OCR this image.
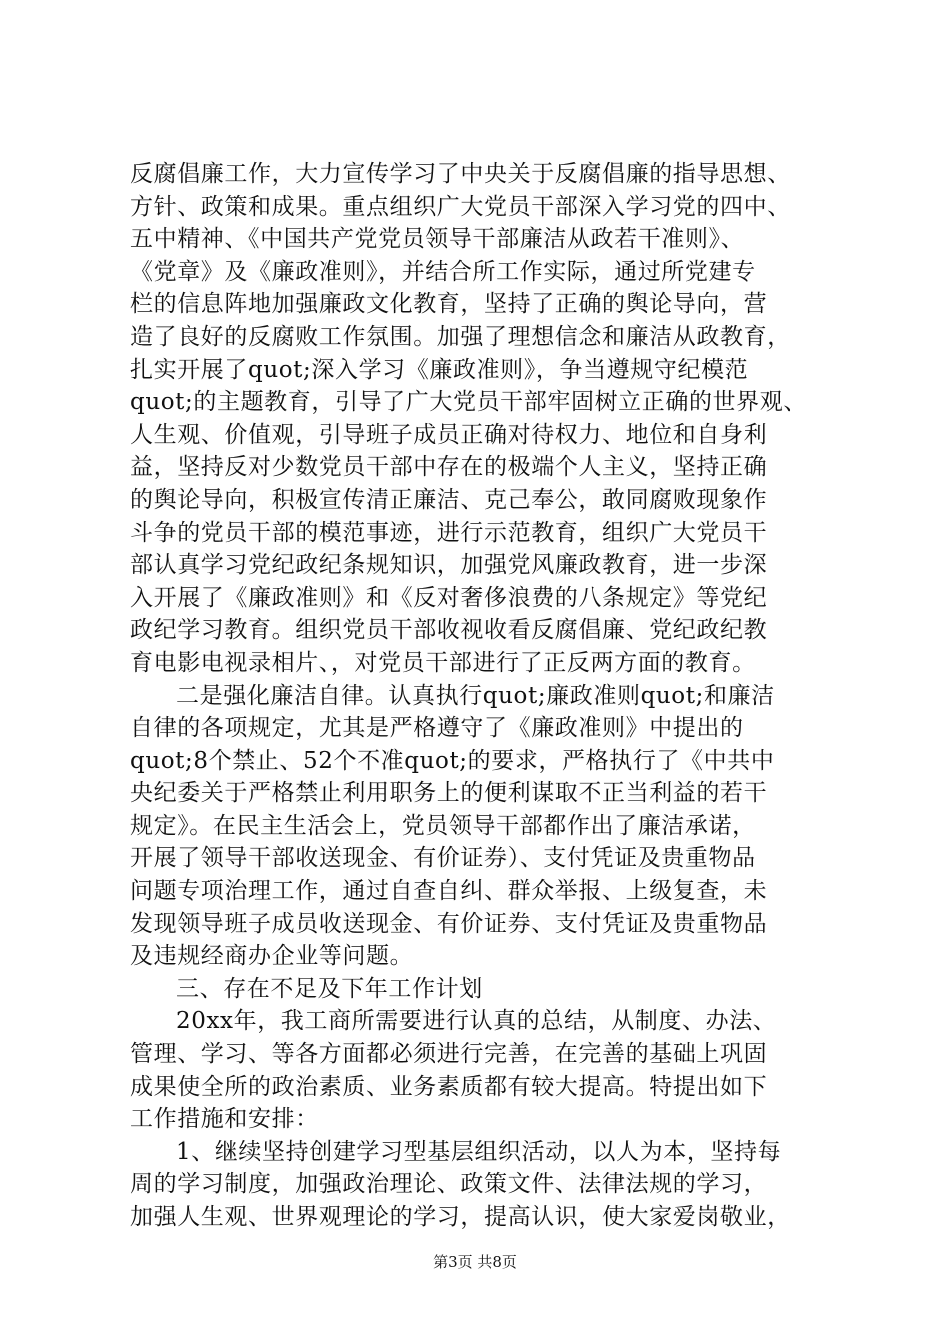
反腐倡廉工作，大力宣传学习了中央关于反腐倡廉的指导思想、
方针、政策和成果。重点组织广大党员干部深入学习党的四中、
五中精神、《中国共产党党员领导干部廉洁从政若干准则》、
《党章》及《廉政准则》，并结合所工作实际，通过所党建专
栏的信息阵地加强廉政文化教育，坚持了正确的舆论导向，营
造了良好的反腐败工作氛围。加强了理想信念和廉洁从政教育，
扎实开展了quot;深入学习《廉政准则》，争当遵规守纪模范
quot;的主题教育，引导了广大党员干部牢固树立正确的世界观、
人生观、价值观，引导班子成员正确对待权力、地位和自身利
益，坚持反对少数党员干部中存在的极端个人主义，坚持正确
的舆论导向，积极宣传清正廉洁、克己奉公，敢同腐败现象作
斗争的党员干部的模范事迹，进行示范教育，组织广大党员干
部认真学习党纪政纪条规知识，加强党风廉政教育，进一步深
入开展了《廉政准则》和《反对奢侈浪费的八条规定》等党纪
政纪学习教育。组织党员干部收视收看反腐倡廉、党纪政纪教
育电影电视录相片、，对党员干部进行了正反两方面的教育。
二是强化廉洁自律。认真执行quot;廉政准则quot;和廉洁
自律的各项规定，尤其是严格遵守了《廉政准则》中提出的
quot;8个禁止、52个不准quot;的要求，严格执行了《中共中
央纪委关于严格禁止利用职务上的便利谋取不正当利益的若干
规定》。在民主生活会上，党员领导干部都作出了廉洁承诺，
开展了领导干部收送现金、有价证券）、支付凭证及贵重物品
问题专项治理工作，通过自查自纠、群众举报、上级复查，未
发现领导班子成员收送现金、有价证券、支付凭证及贵重物品
及违规经商办企业等问题。
三、存在不足及下年工作计划
20xx年，我工商所需要进行认真的总结，从制度、办法、
管理、学习、等各方面都必须进行完善，在完善的基础上巩固
成果使全所的政治素质、业务素质都有较大提高。特提出如下
工作措施和安排：
1、继续坚持创建学习型基层组织活动，以人为本，坚持每
周的学习制度，加强政治理论、政策文件、法律法规的学习，
加强人生观、世界观理论的学习，提高认识，使大家爱岗敬业，
第3页 共8页
